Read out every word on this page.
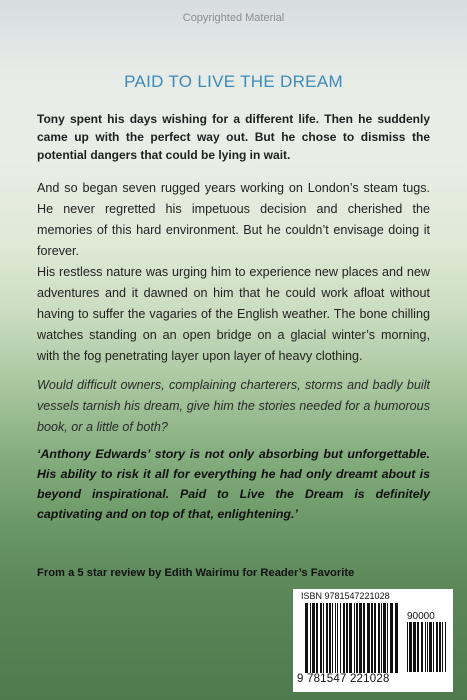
Copyrighted Material
PAID TO LIVE THE DREAM

Tony spent his days wishing for a different life. Then he suddenly came up with the perfect way out. But he chose to dismiss the potential dangers that could be lying in wait.

And so began seven rugged years working on London’s steam tugs. He never regretted his impetuous decision and cherished the memories of this hard environment. But he couldn’t envisage doing it forever.

His restless nature was urging him to experience new places and new adventures and it dawned on him that he could work afloat without having to suffer the vagaries of the English weather. The bone chilling watches standing on an open bridge on a glacial winter’s morning, with the fog penetrating layer upon layer of heavy clothing.

Would difficult owners, complaining charterers, storms and badly built vessels tarnish his dream, give him the stories needed for a humorous book, or a little of both?

‘Anthony Edwards’ story is not only absorbing but unforgettable. His ability to risk it all for everything he had only dreamt about is beyond inspirational. Paid to Live the Dream is definitely captivating and on top of that, enlightening.’

From a 5 star review by Edith Wairimu for Reader’s Favorite
ISBN 9781547221028
90000
9 781547 221028
